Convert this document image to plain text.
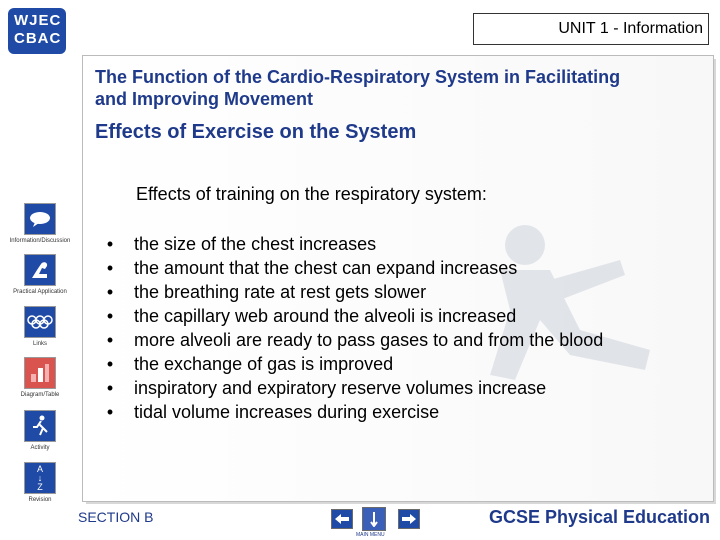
WJEC
CBAC
UNIT 1 - Information
The Function of the Cardio-Respiratory System in Facilitating and Improving Movement
Effects of Exercise on the System
Effects of training on the respiratory system:
• the size of the chest increases
• the amount that the chest can expand increases
• the breathing rate at rest gets slower
• the capillary web around the alveoli is increased
• more alveoli are ready to pass gases to and from the blood
• the exchange of gas is improved
• inspiratory and expiratory reserve volumes increase
• tidal volume increases during exercise
Information/Discussion
Practical Application
Links
Diagram/Table
Activity
A
↓
Z
Revision
SECTION B
MAIN MENU
GCSE Physical Education
